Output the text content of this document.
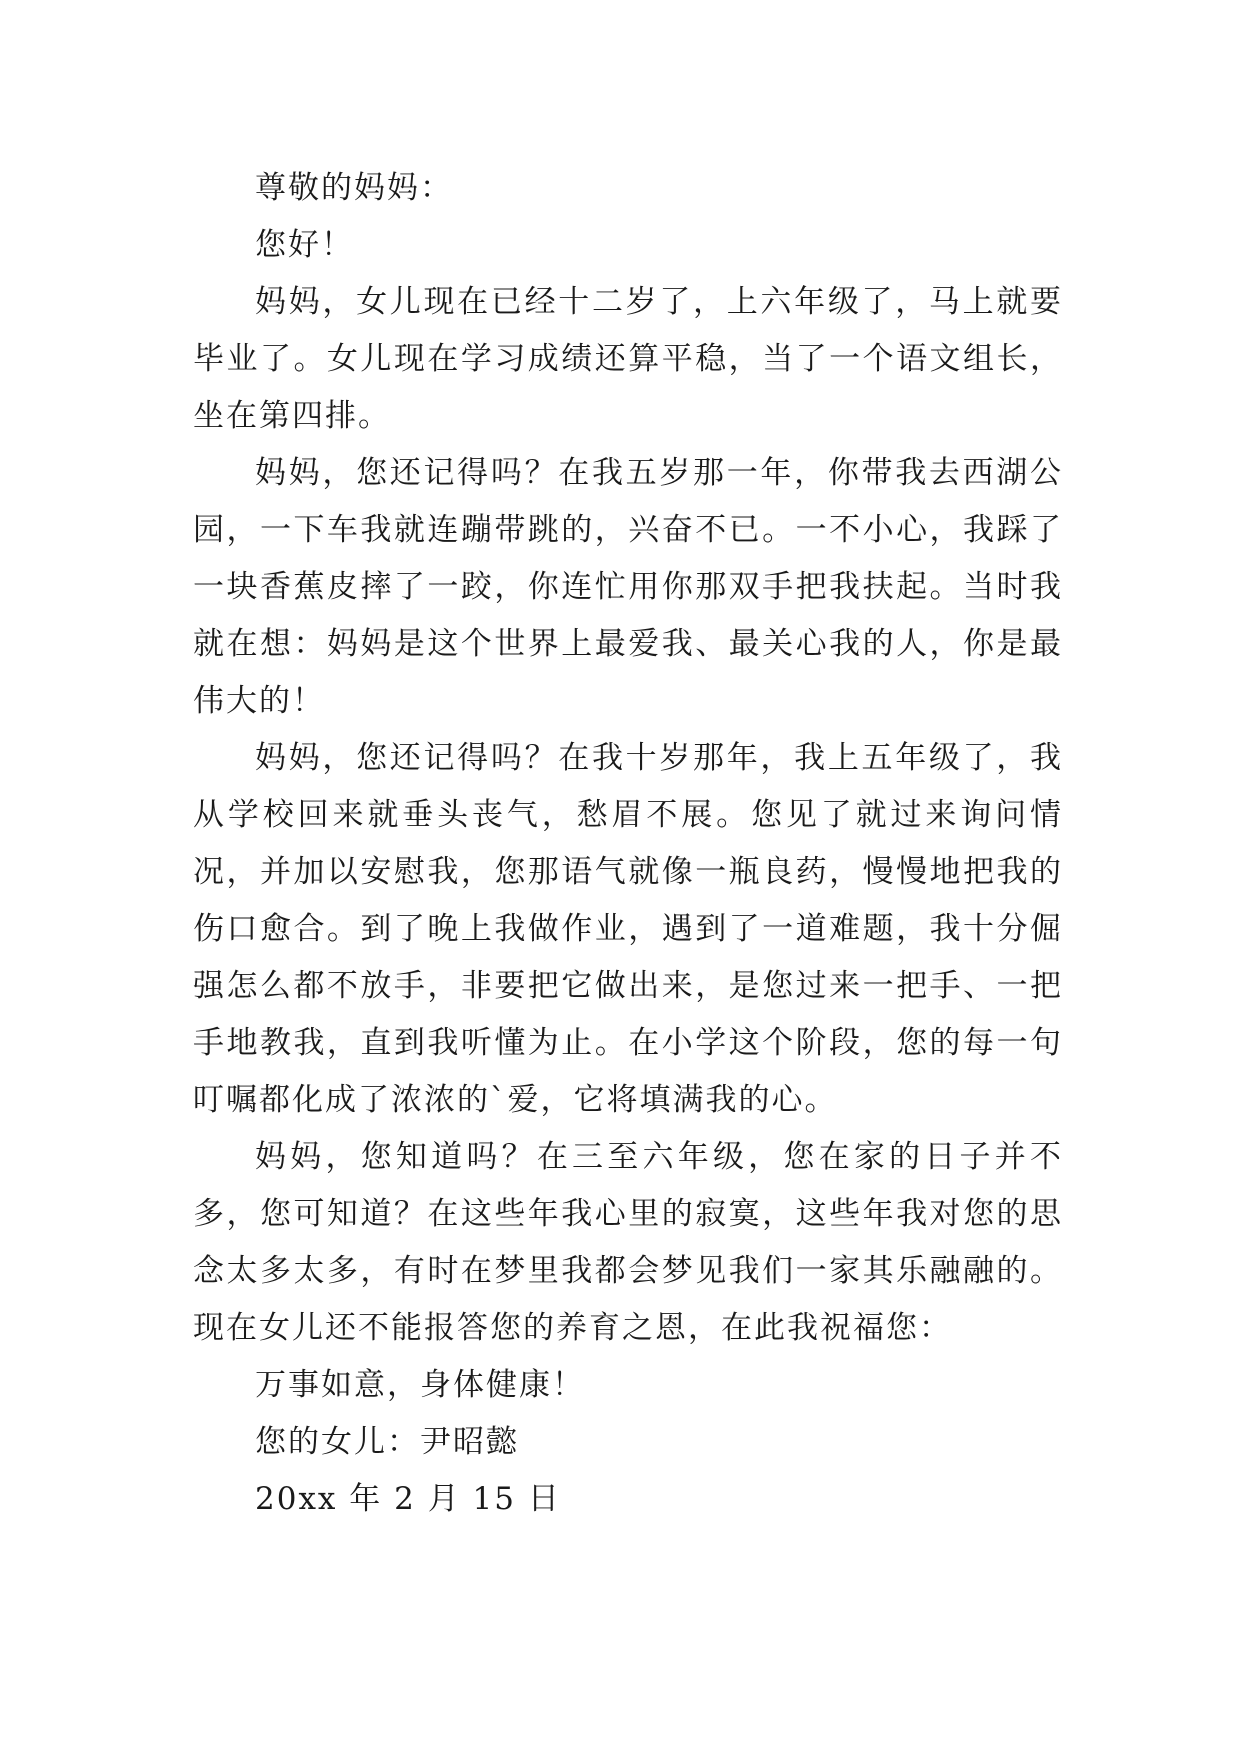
尊敬的妈妈：

您好！

妈妈，女儿现在已经十二岁了，上六年级了，马上就要毕业了。女儿现在学习成绩还算平稳，当了一个语文组长，坐在第四排。

妈妈，您还记得吗？在我五岁那一年，你带我去西湖公园，一下车我就连蹦带跳的，兴奋不已。一不小心，我踩了一块香蕉皮摔了一跤，你连忙用你那双手把我扶起。当时我就在想：妈妈是这个世界上最爱我、最关心我的人，你是最伟大的！

妈妈，您还记得吗？在我十岁那年，我上五年级了，我从学校回来就垂头丧气，愁眉不展。您见了就过来询问情况，并加以安慰我，您那语气就像一瓶良药，慢慢地把我的伤口愈合。到了晚上我做作业，遇到了一道难题，我十分倔强怎么都不放手，非要把它做出来，是您过来一把手、一把手地教我，直到我听懂为止。在小学这个阶段，您的每一句叮嘱都化成了浓浓的`爱，它将填满我的心。

妈妈，您知道吗？在三至六年级，您在家的日子并不多，您可知道？在这些年我心里的寂寞，这些年我对您的思念太多太多，有时在梦里我都会梦见我们一家其乐融融的。现在女儿还不能报答您的养育之恩，在此我祝福您：

万事如意，身体健康！

您的女儿：尹昭懿

20xx 年 2 月 15 日
